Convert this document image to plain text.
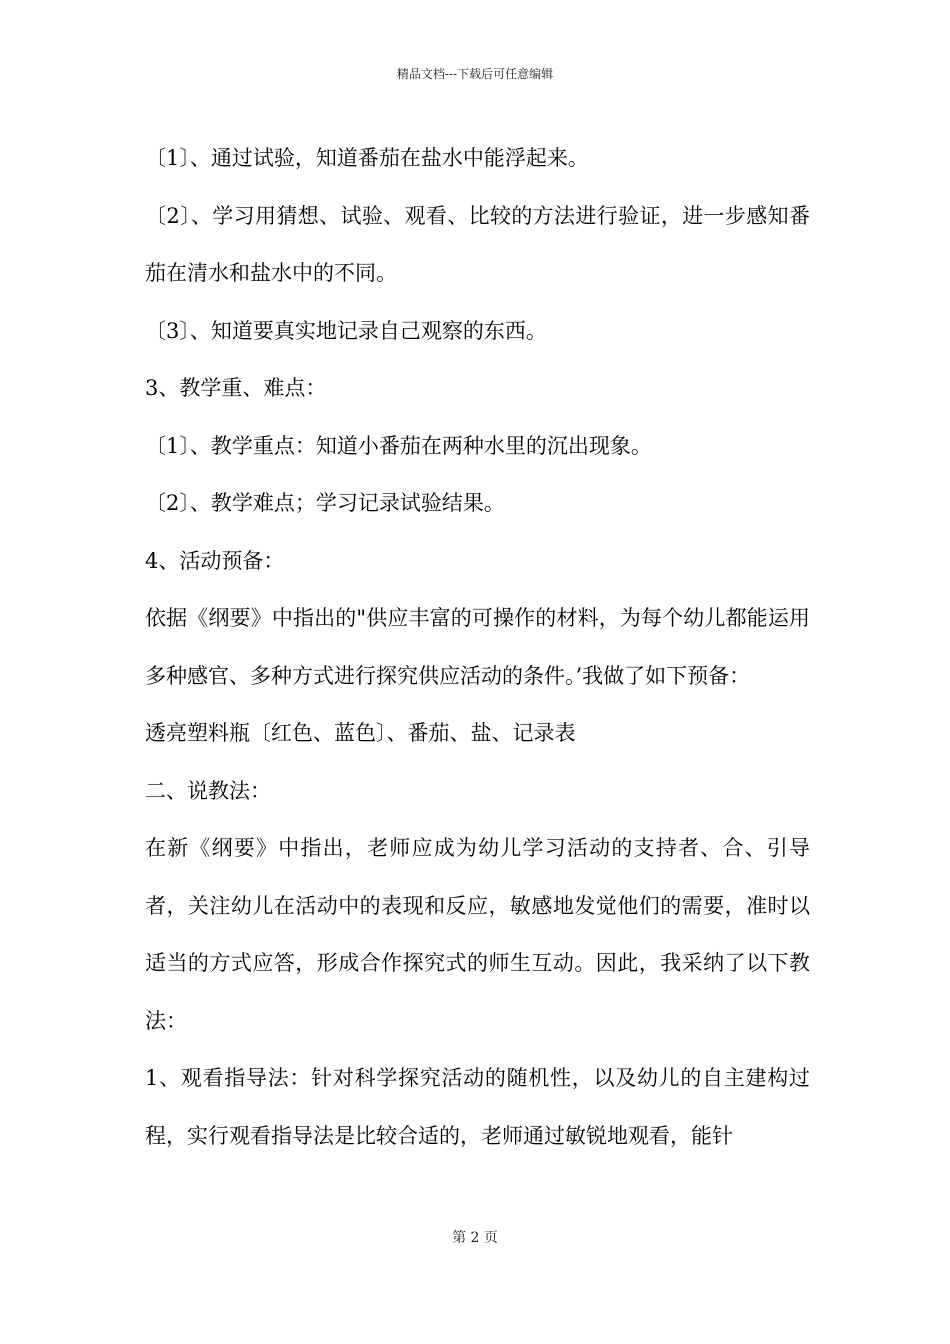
精品文档---下载后可任意编辑

〔1〕、通过试验，知道番茄在盐水中能浮起来。

〔2〕、学习用猜想、试验、观看、比较的方法进行验证，进一步感知番茄在清水和盐水中的不同。

〔3〕、知道要真实地记录自己观察的东西。

3、教学重、难点：

〔1〕、教学重点：知道小番茄在两种水里的沉出现象。

〔2〕、教学难点；学习记录试验结果。

4、活动预备：

依据《纲要》中指出的"供应丰富的可操作的材料，为每个幼儿都能运用多种感官、多种方式进行探究供应活动的条件。’我做了如下预备：

透亮塑料瓶〔红色、蓝色〕、番茄、盐、记录表

二、说教法：

在新《纲要》中指出，老师应成为幼儿学习活动的支持者、合、引导者，关注幼儿在活动中的表现和反应，敏感地发觉他们的需要，准时以适当的方式应答，形成合作探究式的师生互动。因此，我采纳了以下教法：

1、观看指导法：针对科学探究活动的随机性，以及幼儿的自主建构过程，实行观看指导法是比较合适的，老师通过敏锐地观看，能针

第 2 页
